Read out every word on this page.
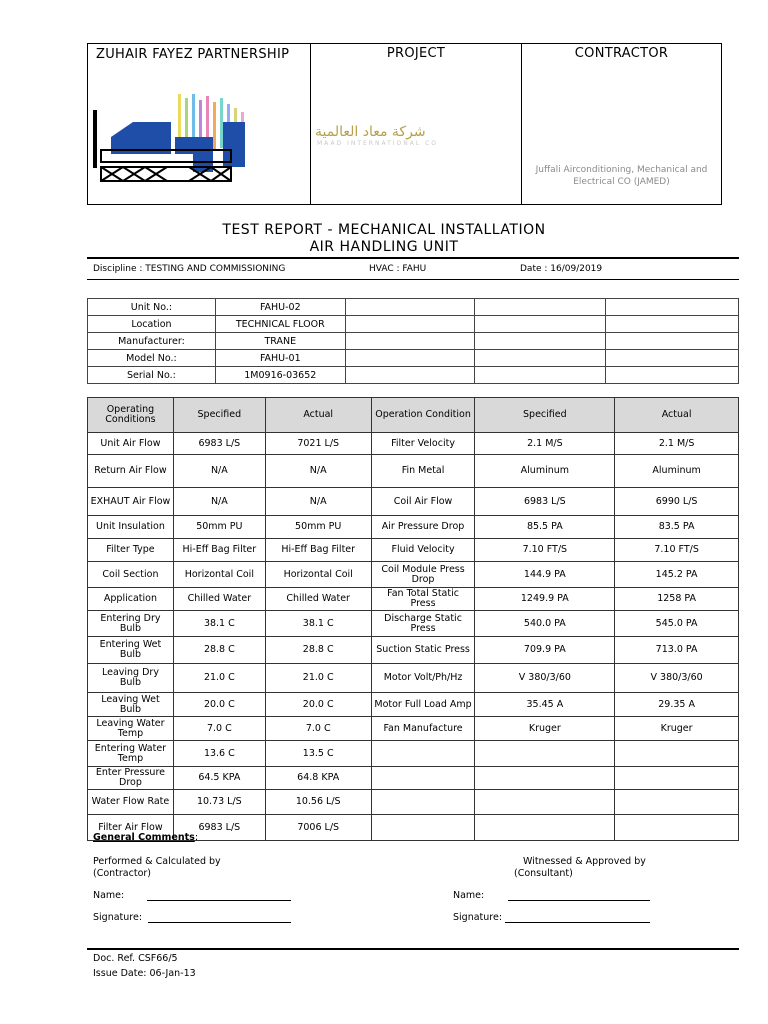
ZUHAIR FAYEZ PARTNERSHIP	PROJECT
شركة معاد العالمية
MAAD INTERNATIONAL CO
CONTRACTOR
Juffali Airconditioning, Mechanical and Electrical CO (JAMED)
TEST REPORT - MECHANICAL INSTALLATION
AIR HANDLING UNIT
Discipline : TESTING AND COMMISSIONING	HVAC : FAHU	Date : 16/09/2019
Unit No.:	FAHU-02			
Location	TECHNICAL FLOOR			
Manufacturer:	TRANE			
Model No.:	FAHU-01			
Serial No.:	1M0916-03652			
Operating Conditions	Specified	Actual	Operation Condition	Specified	Actual
Unit Air Flow	6983 L/S	7021 L/S	Filter Velocity	2.1 M/S	2.1 M/S
Return Air Flow	N/A	N/A	Fin Metal	Aluminum	Aluminum
EXHAUT Air Flow	N/A	N/A	Coil Air Flow	6983 L/S	6990 L/S
Unit Insulation	50mm PU	50mm PU	Air Pressure Drop	85.5 PA	83.5 PA
Filter Type	Hi-Eff Bag Filter	Hi-Eff Bag Filter	Fluid Velocity	7.10 FT/S	7.10 FT/S
Coil Section	Horizontal Coil	Horizontal Coil	Coil Module Press Drop	144.9 PA	145.2 PA
Application	Chilled Water	Chilled Water	Fan Total Static Press	1249.9 PA	1258 PA
Entering Dry Bulb	38.1 C	38.1 C	Discharge Static Press	540.0 PA	545.0 PA
Entering Wet Bulb	28.8 C	28.8 C	Suction Static Press	709.9 PA	713.0 PA
Leaving Dry Bulb	21.0 C	21.0 C	Motor Volt/Ph/Hz	V 380/3/60	V 380/3/60
Leaving Wet Bulb	20.0 C	20.0 C	Motor Full Load Amp	35.45 A	29.35 A
Leaving Water Temp	7.0 C	7.0 C	Fan Manufacture	Kruger	Kruger
Entering Water Temp	13.6 C	13.5 C			
Enter Pressure Drop	64.5 KPA	64.8 KPA			
Water Flow Rate	10.73 L/S	10.56 L/S			
Filter Air Flow	6983 L/S	7006 L/S			
General Comments:
Performed & Calculated by
(Contractor)
Witnessed & Approved by
(Consultant)
Name:	Name:
Signature:	Signature:
Doc. Ref. CSF66/5
Issue Date: 06-Jan-13
